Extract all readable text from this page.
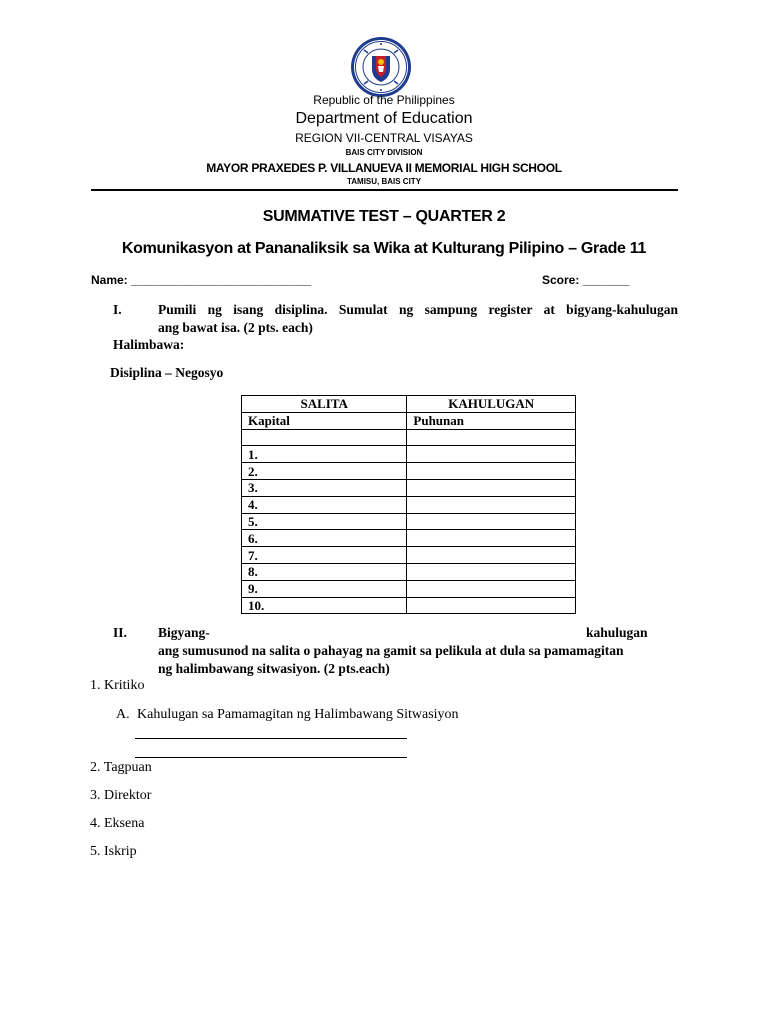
Republic of the Philippines
Department of Education
REGION VII-CENTRAL VISAYAS
BAIS CITY DIVISION
MAYOR PRAXEDES P. VILLANUEVA II MEMORIAL HIGH SCHOOL
TAMISU, BAIS CITY
SUMMATIVE TEST – QUARTER 2
Komunikasyon at Pananaliksik sa Wika at Kulturang Pilipino – Grade 11
Name: ___________________________	Score: _______
I.	Pumili ng isang disiplina. Sumulat ng sampung register at bigyang-kahulugan
ang bawat isa. (2 pts. each)
Halimbawa:
Disiplina – Negosyo
SALITA	KAHULUGAN
Kapital	Puhunan

1.	
2.	
3.	
4.	
5.	
6.	
7.	
8.	
9.	
10.	
II. Bigyang-	kahulugan
ang sumusunod na salita o pahayag na gamit sa pelikula at dula sa pamamagitan
ng halimbawang sitwasiyon. (2 pts.each)
1. Kritiko
A. Kahulugan sa Pamamagitan ng Halimbawang Sitwasiyon
2. Tagpuan
3. Direktor
4. Eksena
5. Iskrip
